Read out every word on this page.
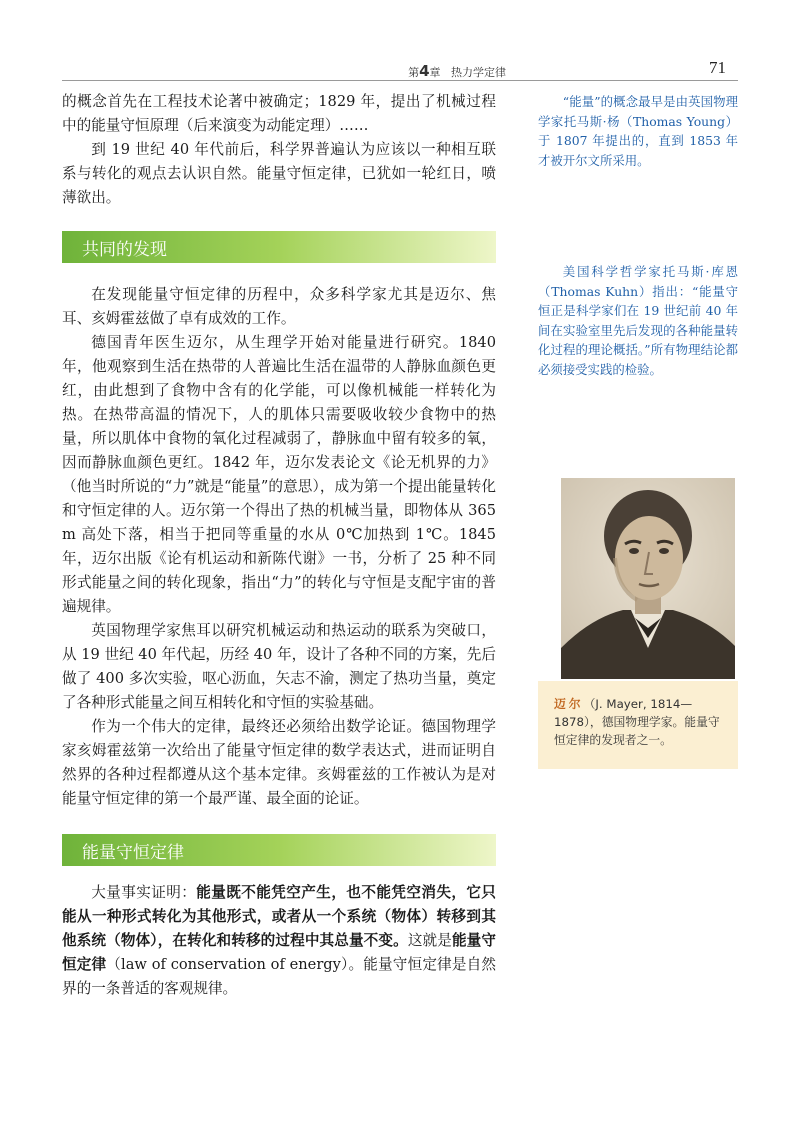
第4章 热力学定律	71

的概念首先在工程技术论著中被确定；1829 年，提出了机械过程中的能量守恒原理（后来演变为动能定理）……

到 19 世纪 40 年代前后，科学界普遍认为应该以一种相互联系与转化的观点去认识自然。能量守恒定律，已犹如一轮红日，喷薄欲出。

共同的发现

在发现能量守恒定律的历程中，众多科学家尤其是迈尔、焦耳、亥姆霍兹做了卓有成效的工作。

德国青年医生迈尔，从生理学开始对能量进行研究。1840 年，他观察到生活在热带的人普遍比生活在温带的人静脉血颜色更红，由此想到了食物中含有的化学能，可以像机械能一样转化为热。在热带高温的情况下，人的肌体只需要吸收较少食物中的热量，所以肌体中食物的氧化过程减弱了，静脉血中留有较多的氧，因而静脉血颜色更红。1842 年，迈尔发表论文《论无机界的力》（他当时所说的“力”就是“能量”的意思），成为第一个提出能量转化和守恒定律的人。迈尔第一个得出了热的机械当量，即物体从 365 m 高处下落，相当于把同等重量的水从 0℃加热到 1℃。1845 年，迈尔出版《论有机运动和新陈代谢》一书，分析了 25 种不同形式能量之间的转化现象，指出“力”的转化与守恒是支配宇宙的普遍规律。

英国物理学家焦耳以研究机械运动和热运动的联系为突破口，从 19 世纪 40 年代起，历经 40 年，设计了各种不同的方案，先后做了 400 多次实验，呕心沥血，矢志不渝，测定了热功当量，奠定了各种形式能量之间互相转化和守恒的实验基础。

作为一个伟大的定律，最终还必须给出数学论证。德国物理学家亥姆霍兹第一次给出了能量守恒定律的数学表达式，进而证明自然界的各种过程都遵从这个基本定律。亥姆霍兹的工作被认为是对能量守恒定律的第一个最严谨、最全面的论证。

能量守恒定律

大量事实证明：能量既不能凭空产生，也不能凭空消失，它只能从一种形式转化为其他形式，或者从一个系统（物体）转移到其他系统（物体），在转化和转移的过程中其总量不变。这就是能量守恒定律（law of conservation of energy）。能量守恒定律是自然界的一条普适的客观规律。

“能量”的概念最早是由英国物理学家托马斯·杨（Thomas Young）于 1807 年提出的，直到 1853 年才被开尔文所采用。
美国科学哲学家托马斯·库恩（Thomas Kuhn）指出：“能量守恒正是科学家们在 19 世纪前 40 年间在实验室里先后发现的各种能量转化过程的理论概括。”所有物理结论都必须接受实践的检验。
迈尔（J. Mayer, 1814—1878），德国物理学家。能量守恒定律的发现者之一。
